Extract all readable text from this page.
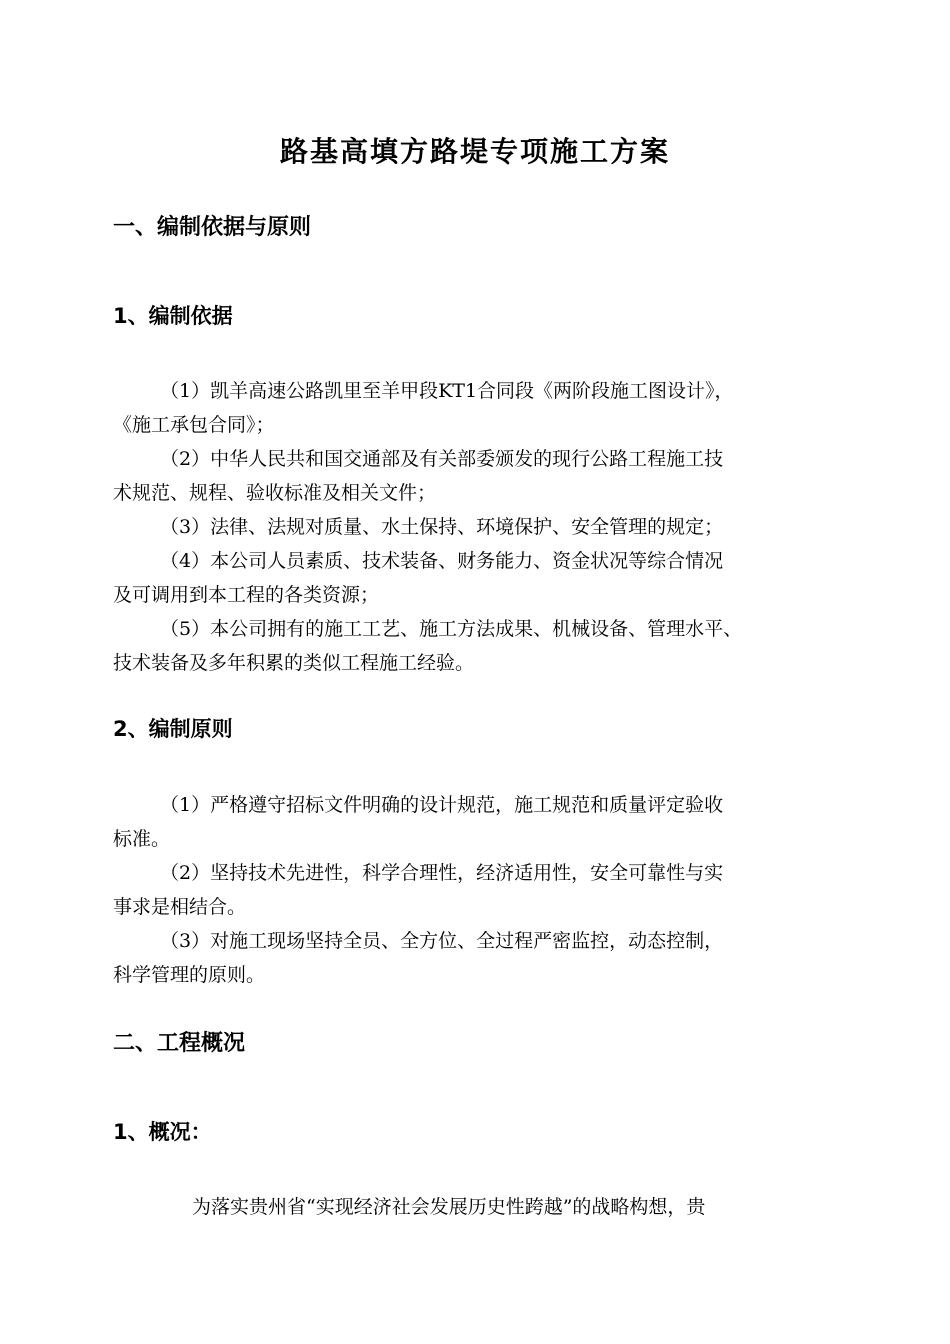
路基高填方路堤专项施工方案
一、编制依据与原则
1、编制依据
（1）凯羊高速公路凯里至羊甲段KT1合同段《两阶段施工图设计》，
《施工承包合同》；
（2）中华人民共和国交通部及有关部委颁发的现行公路工程施工技
术规范、规程、验收标准及相关文件；
（3）法律、法规对质量、水土保持、环境保护、安全管理的规定；
（4）本公司人员素质、技术装备、财务能力、资金状况等综合情况
及可调用到本工程的各类资源；
（5）本公司拥有的施工工艺、施工方法成果、机械设备、管理水平、
技术装备及多年积累的类似工程施工经验。
2、编制原则
（1）严格遵守招标文件明确的设计规范，施工规范和质量评定验收
标准。
（2）坚持技术先进性，科学合理性，经济适用性，安全可靠性与实
事求是相结合。
（3）对施工现场坚持全员、全方位、全过程严密监控，动态控制，
科学管理的原则。
二、工程概况
1、概况：
为落实贵州省“实现经济社会发展历史性跨越”的战略构想，贵
